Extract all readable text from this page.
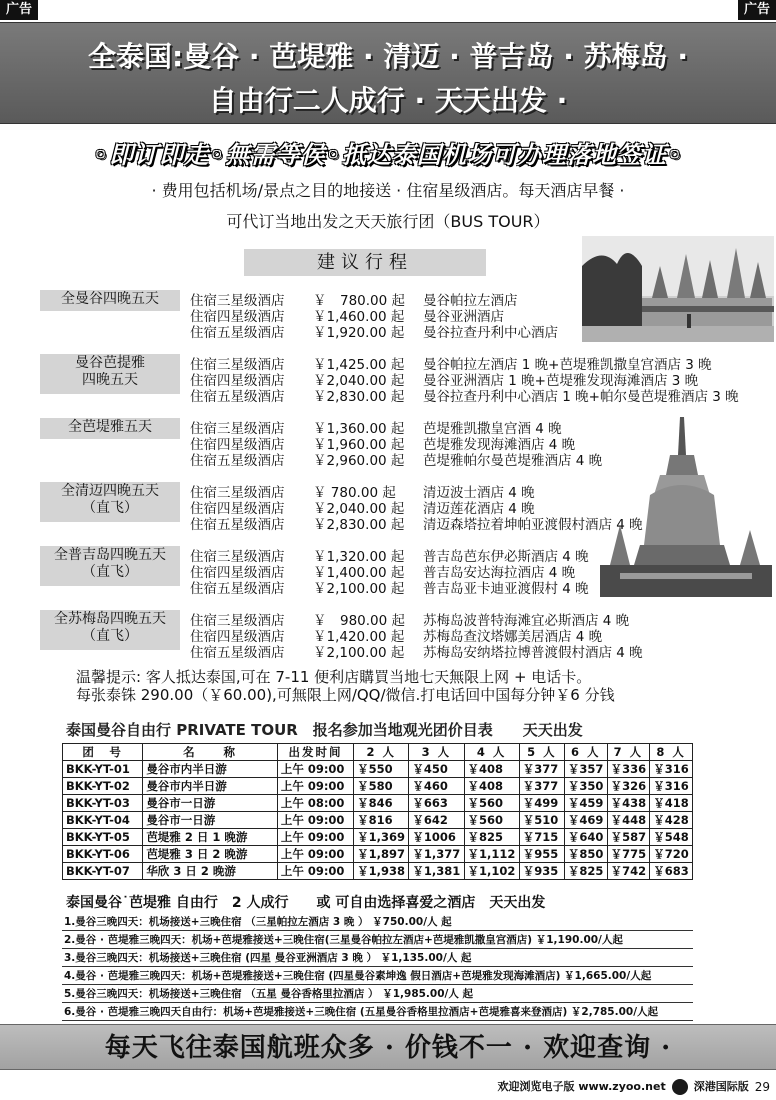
广告	广告
全泰国:曼谷 · 芭堤雅 · 清迈 · 普吉岛 · 苏梅岛 ·
自由行二人成行 · 天天出发 ·
◦即订即走◦無需等侯◦抵达泰国机场可办理落地签证◦
· 费用包括机场/景点之目的地接送 · 住宿星级酒店。每天酒店早餐 ·
可代订当地出发之天天旅行团（BUS TOUR）
建议行程
全曼谷四晚五天	住宿三星级酒店 ￥　780.00 起 曼谷帕拉左酒店
住宿四星级酒店 ￥1,460.00 起 曼谷亚洲酒店
住宿五星级酒店 ￥1,920.00 起 曼谷拉查丹利中心酒店
曼谷芭提雅
四晚五天
住宿三星级酒店 ￥1,425.00 起 曼谷帕拉左酒店 1 晚+芭堤雅凯撒皇宫酒店 3 晚
住宿四星级酒店 ￥2,040.00 起 曼谷亚洲酒店 1 晚+芭堤雅发现海滩酒店 3 晚
住宿五星级酒店 ￥2,830.00 起 曼谷拉查丹利中心酒店 1 晚+帕尔曼芭堤雅酒店 3 晚
全芭堤雅五天	住宿三星级酒店 ￥1,360.00 起 芭堤雅凯撒皇宫酒 4 晚
住宿四星级酒店 ￥1,960.00 起 芭堤雅发现海滩酒店 4 晚
住宿五星级酒店 ￥2,960.00 起 芭堤雅帕尔曼芭堤雅酒店 4 晚
全清迈四晚五天
（直飞）
住宿三星级酒店 ￥ 780.00 起 清迈波士酒店 4 晚
住宿四星级酒店 ￥2,040.00 起 清迈莲花酒店 4 晚
住宿五星级酒店 ￥2,830.00 起 清迈森塔拉着坤帕亚渡假村酒店 4 晚
全普吉岛四晚五天
（直飞）
住宿三星级酒店 ￥1,320.00 起 普吉岛芭东伊必斯酒店 4 晚
住宿四星级酒店 ￥1,400.00 起 普吉岛安达海拉酒店 4 晚
住宿五星级酒店 ￥2,100.00 起 普吉岛亚卡迪亚渡假村 4 晚
全苏梅岛四晚五天
（直飞）
住宿三星级酒店 ￥　980.00 起 苏梅岛波普特海滩宜必斯酒店 4 晚
住宿四星级酒店 ￥1,420.00 起 苏梅岛查汶塔娜美居酒店 4 晚
住宿五星级酒店 ￥2,100.00 起 苏梅岛安纳塔拉博普渡假村酒店 4 晚
温馨提示: 客人抵达泰国,可在 7-11 便利店購買当地七天無限上网 + 电话卡。
每张泰铢 290.00（￥60.00),可無限上网/QQ/微信.打电话回中国每分钟￥6 分钱
泰国曼谷自由行 PRIVATE TOUR　报名参加当地观光团价目表　　天天出发
团　号	名　　称	出发时间	2 人	3 人	4 人	5 人	6 人	7 人	8 人
BKK-YT-01	曼谷市内半日游	上午 09:00	￥550	￥450	￥408	￥377	￥357	￥336	￥316
BKK-YT-02	曼谷市内半日游	上午 09:00	￥580	￥460	￥408	￥377	￥350	￥326	￥316
BKK-YT-03	曼谷市一日游	上午 08:00	￥846	￥663	￥560	￥499	￥459	￥438	￥418
BKK-YT-04	曼谷市一日游	上午 09:00	￥816	￥642	￥560	￥510	￥469	￥448	￥428
BKK-YT-05	芭堤雅 2 日 1 晚游	上午 09:00	￥1,369	￥1006	￥825	￥715	￥640	￥587	￥548
BKK-YT-06	芭堤雅 3 日 2 晚游	上午 09:00	￥1,897	￥1,377	￥1,112	￥955	￥850	￥775	￥720
BKK-YT-07	华欣 3 日 2 晚游	上午 09:00	￥1,938	￥1,381	￥1,102	￥935	￥825	￥742	￥683
泰国曼谷˙芭堤雅 自由行　2 人成行　　或 可自由选择喜爱之酒店　天天出发
1.曼谷三晚四天：机场接送+三晚住宿 （三星帕拉左酒店 3 晚 ） ￥750.00/人 起
2.曼谷 · 芭堤雅三晚四天：机场+芭堤雅接送+三晚住宿(三星曼谷帕拉左酒店+芭堤雅凯撒皇宫酒店) ￥1,190.00/人起
3.曼谷三晚四天：机场接送+三晚住宿 (四星 曼谷亚洲酒店 3 晚 ） ￥1,135.00/人 起
4.曼谷 · 芭堤雅三晚四天：机场+芭堤雅接送+三晚住宿 (四星曼谷素坤逸 假日酒店+芭堤雅发现海滩酒店) ￥1,665.00/人起
5.曼谷三晚四天：机场接送+三晚住宿 （五星 曼谷香格里拉酒店 ） ￥1,985.00/人 起
6.曼谷 · 芭堤雅三晚四天自由行：机场+芭堤雅接送+三晚住宿 (五星曼谷香格里拉酒店+芭堤雅喜来登酒店) ￥2,785.00/人起
每天飞往泰国航班众多 · 价钱不一 · 欢迎查询 ·
欢迎浏览电子版 www.zyoo.net	深港国际版 29
